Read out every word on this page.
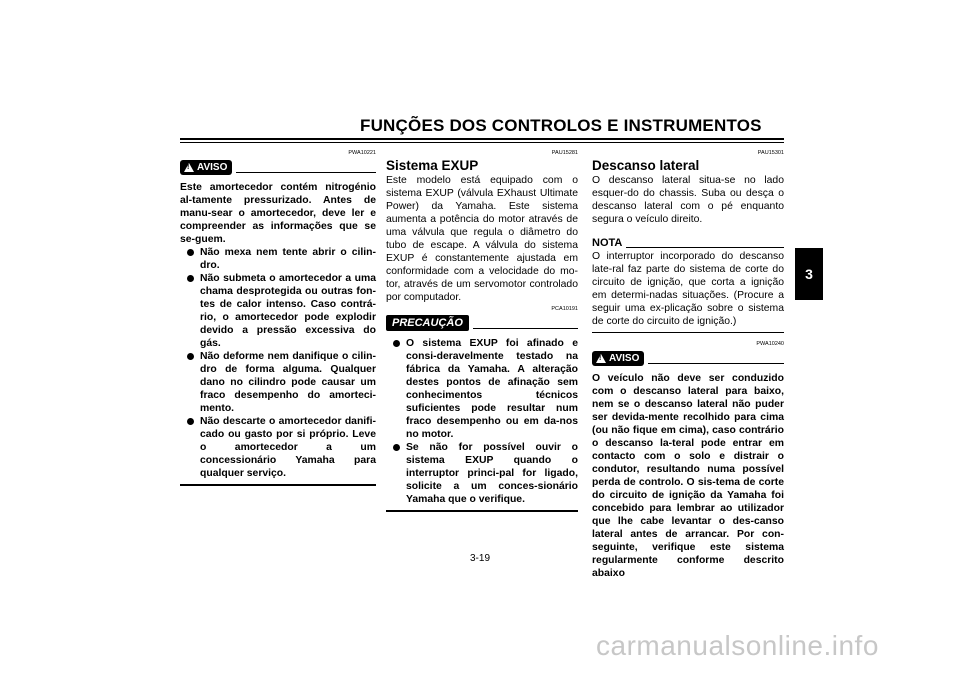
FUNÇÕES DOS CONTROLOS E INSTRUMENTOS
3
PWA10221
!
AVISO

Este amortecedor contém nitrogénio al-tamente pressurizado. Antes de manu-sear o amortecedor, deve ler e compreender as informações que se se-guem.

Não mexa nem tente abrir o cilin-dro.
Não submeta o amortecedor a uma chama desprotegida ou outras fon-tes de calor intenso. Caso contrá-rio, o amortecedor pode explodir devido a pressão excessiva do gás.
Não deforme nem danifique o cilin-dro de forma alguma. Qualquer dano no cilindro pode causar um fraco desempenho do amorteci-mento.
Não descarte o amortecedor danifi-cado ou gasto por si próprio. Leve o amortecedor a um concessionário Yamaha para qualquer serviço.
PAU15281
Sistema EXUP

Este modelo está equipado com o sistema EXUP (válvula EXhaust Ultimate Power) da Yamaha. Este sistema aumenta a potência do motor através de uma válvula que regula o diâmetro do tubo de escape. A válvula do sistema EXUP é constantemente ajustada em conformidade com a velocidade do mo-tor, através de um servomotor controlado por computador.

PCA10191
PRECAUÇÃO
O sistema EXUP foi afinado e consi-deravelmente testado na fábrica da Yamaha. A alteração destes pontos de afinação sem conhecimentos técnicos suficientes pode resultar num fraco desempenho ou em da-nos no motor.
Se não for possível ouvir o sistema EXUP quando o interruptor princi-pal for ligado, solicite a um conces-sionário Yamaha que o verifique.
PAU15301
Descanso lateral

O descanso lateral situa-se no lado esquer-do do chassis. Suba ou desça o descanso lateral com o pé enquanto segura o veículo direito.

NOTA

O interruptor incorporado do descanso late-ral faz parte do sistema de corte do circuito de ignição, que corta a ignição em determi-nadas situações. (Procure a seguir uma ex-plicação sobre o sistema de corte do circuito de ignição.)

PWA10240
!
AVISO

O veículo não deve ser conduzido com o descanso lateral para baixo, nem se o descanso lateral não puder ser devida-mente recolhido para cima (ou não fique em cima), caso contrário o descanso la-teral pode entrar em contacto com o solo e distrair o condutor, resultando numa possível perda de controlo. O sis-tema de corte do circuito de ignição da Yamaha foi concebido para lembrar ao utilizador que lhe cabe levantar o des-canso lateral antes de arrancar. Por con-seguinte, verifique este sistema regularmente conforme descrito abaixo

3-19
carmanualsonline.info
